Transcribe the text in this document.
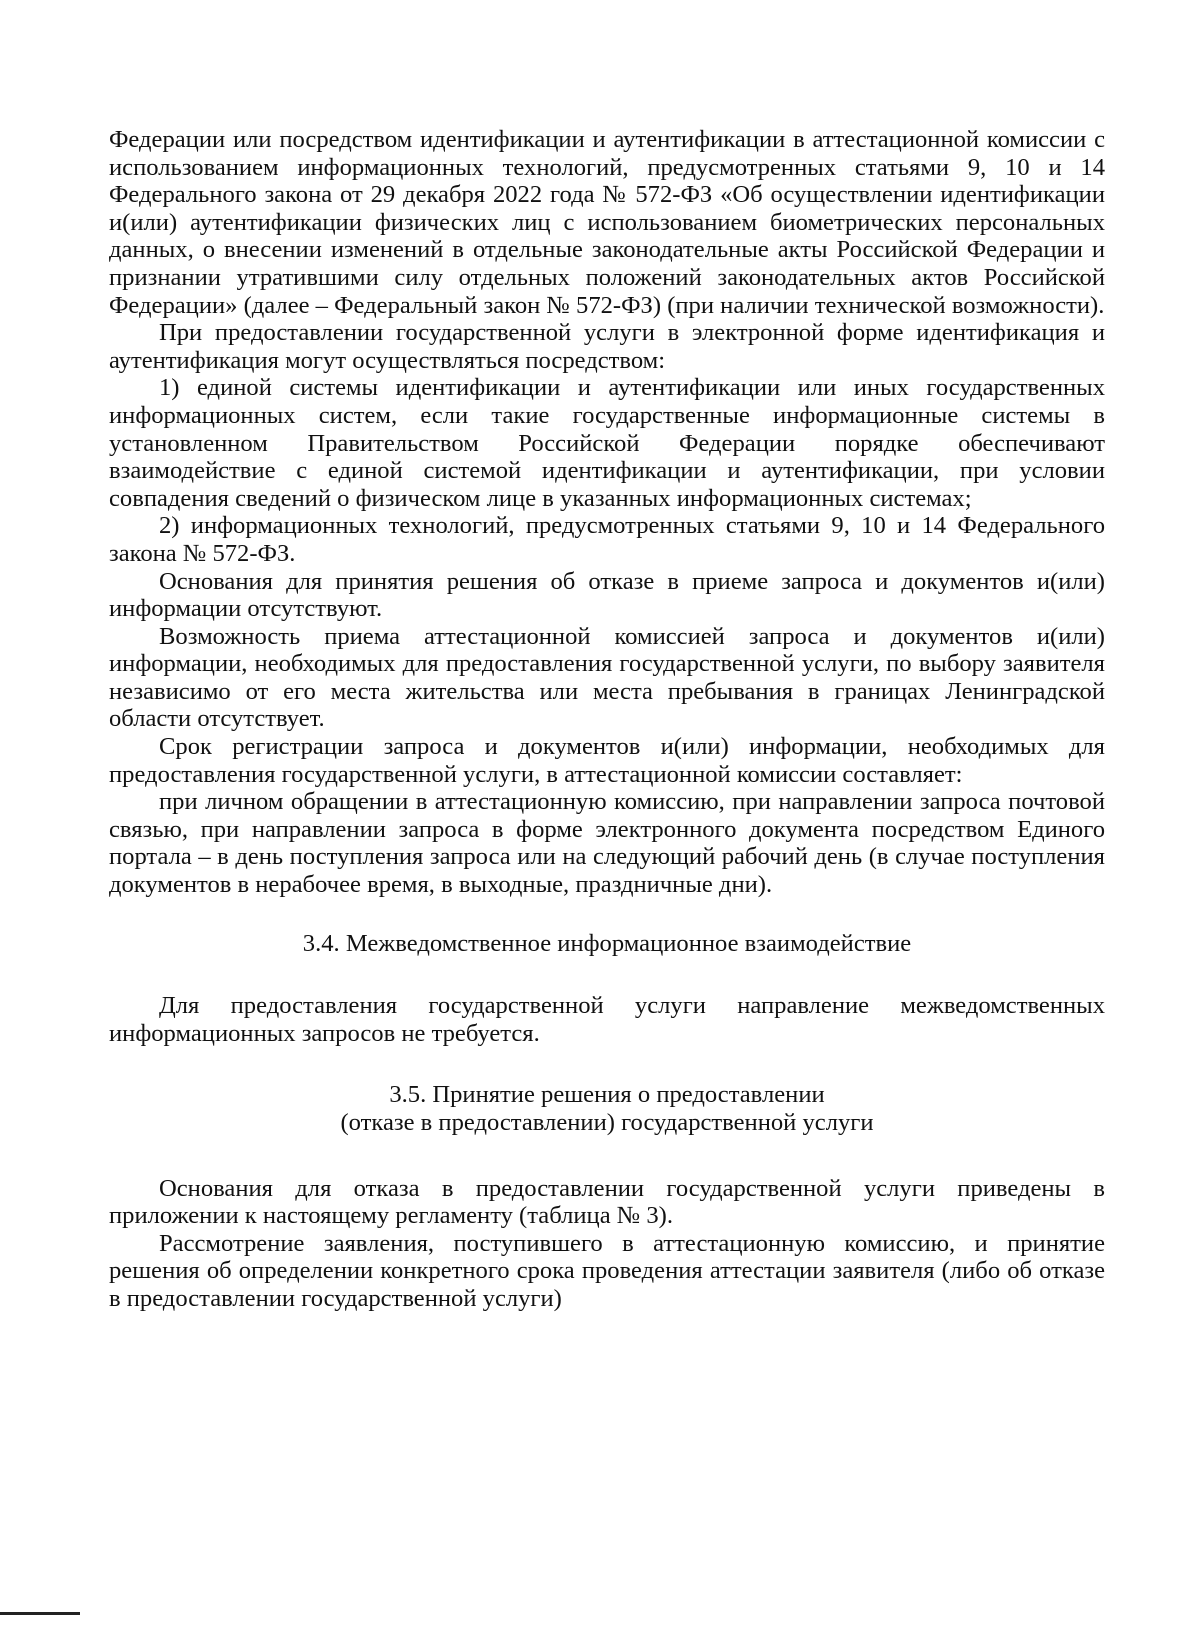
Федерации или посредством идентификации и аутентификации в аттестационной комиссии с использованием информационных технологий, предусмотренных статьями 9, 10 и 14 Федерального закона от 29 декабря 2022 года № 572-ФЗ «Об осуществлении идентификации и(или) аутентификации физических лиц с использованием биометрических персональных данных, о внесении изменений в отдельные законодательные акты Российской Федерации и признании утратившими силу отдельных положений законодательных актов Российской Федерации» (далее – Федеральный закон № 572-ФЗ) (при наличии технической возможности).

При предоставлении государственной услуги в электронной форме идентификация и аутентификация могут осуществляться посредством:

1) единой системы идентификации и аутентификации или иных государственных информационных систем, если такие государственные информационные системы в установленном Правительством Российской Федерации порядке обеспечивают взаимодействие с единой системой идентификации и аутентификации, при условии совпадения сведений о физическом лице в указанных информационных системах;

2) информационных технологий, предусмотренных статьями 9, 10 и 14 Федерального закона № 572-ФЗ.

Основания для принятия решения об отказе в приеме запроса и документов и(или) информации отсутствуют.

Возможность приема аттестационной комиссией запроса и документов и(или) информации, необходимых для предоставления государственной услуги, по выбору заявителя независимо от его места жительства или места пребывания в границах Ленинградской области отсутствует.

Срок регистрации запроса и документов и(или) информации, необходимых для предоставления государственной услуги, в аттестационной комиссии составляет:

при личном обращении в аттестационную комиссию, при направлении запроса почтовой связью, при направлении запроса в форме электронного документа посредством Единого портала – в день поступления запроса или на следующий рабочий день (в случае поступления документов в нерабочее время, в выходные, праздничные дни).

3.4. Межведомственное информационное взаимодействие

Для предоставления государственной услуги направление межведомственных информационных запросов не требуется.

3.5. Принятие решения о предоставлении
(отказе в предоставлении) государственной услуги

Основания для отказа в предоставлении государственной услуги приведены в приложении к настоящему регламенту (таблица № 3).

Рассмотрение заявления, поступившего в аттестационную комиссию, и принятие решения об определении конкретного срока проведения аттестации заявителя (либо об отказе в предоставлении государственной услуги)
